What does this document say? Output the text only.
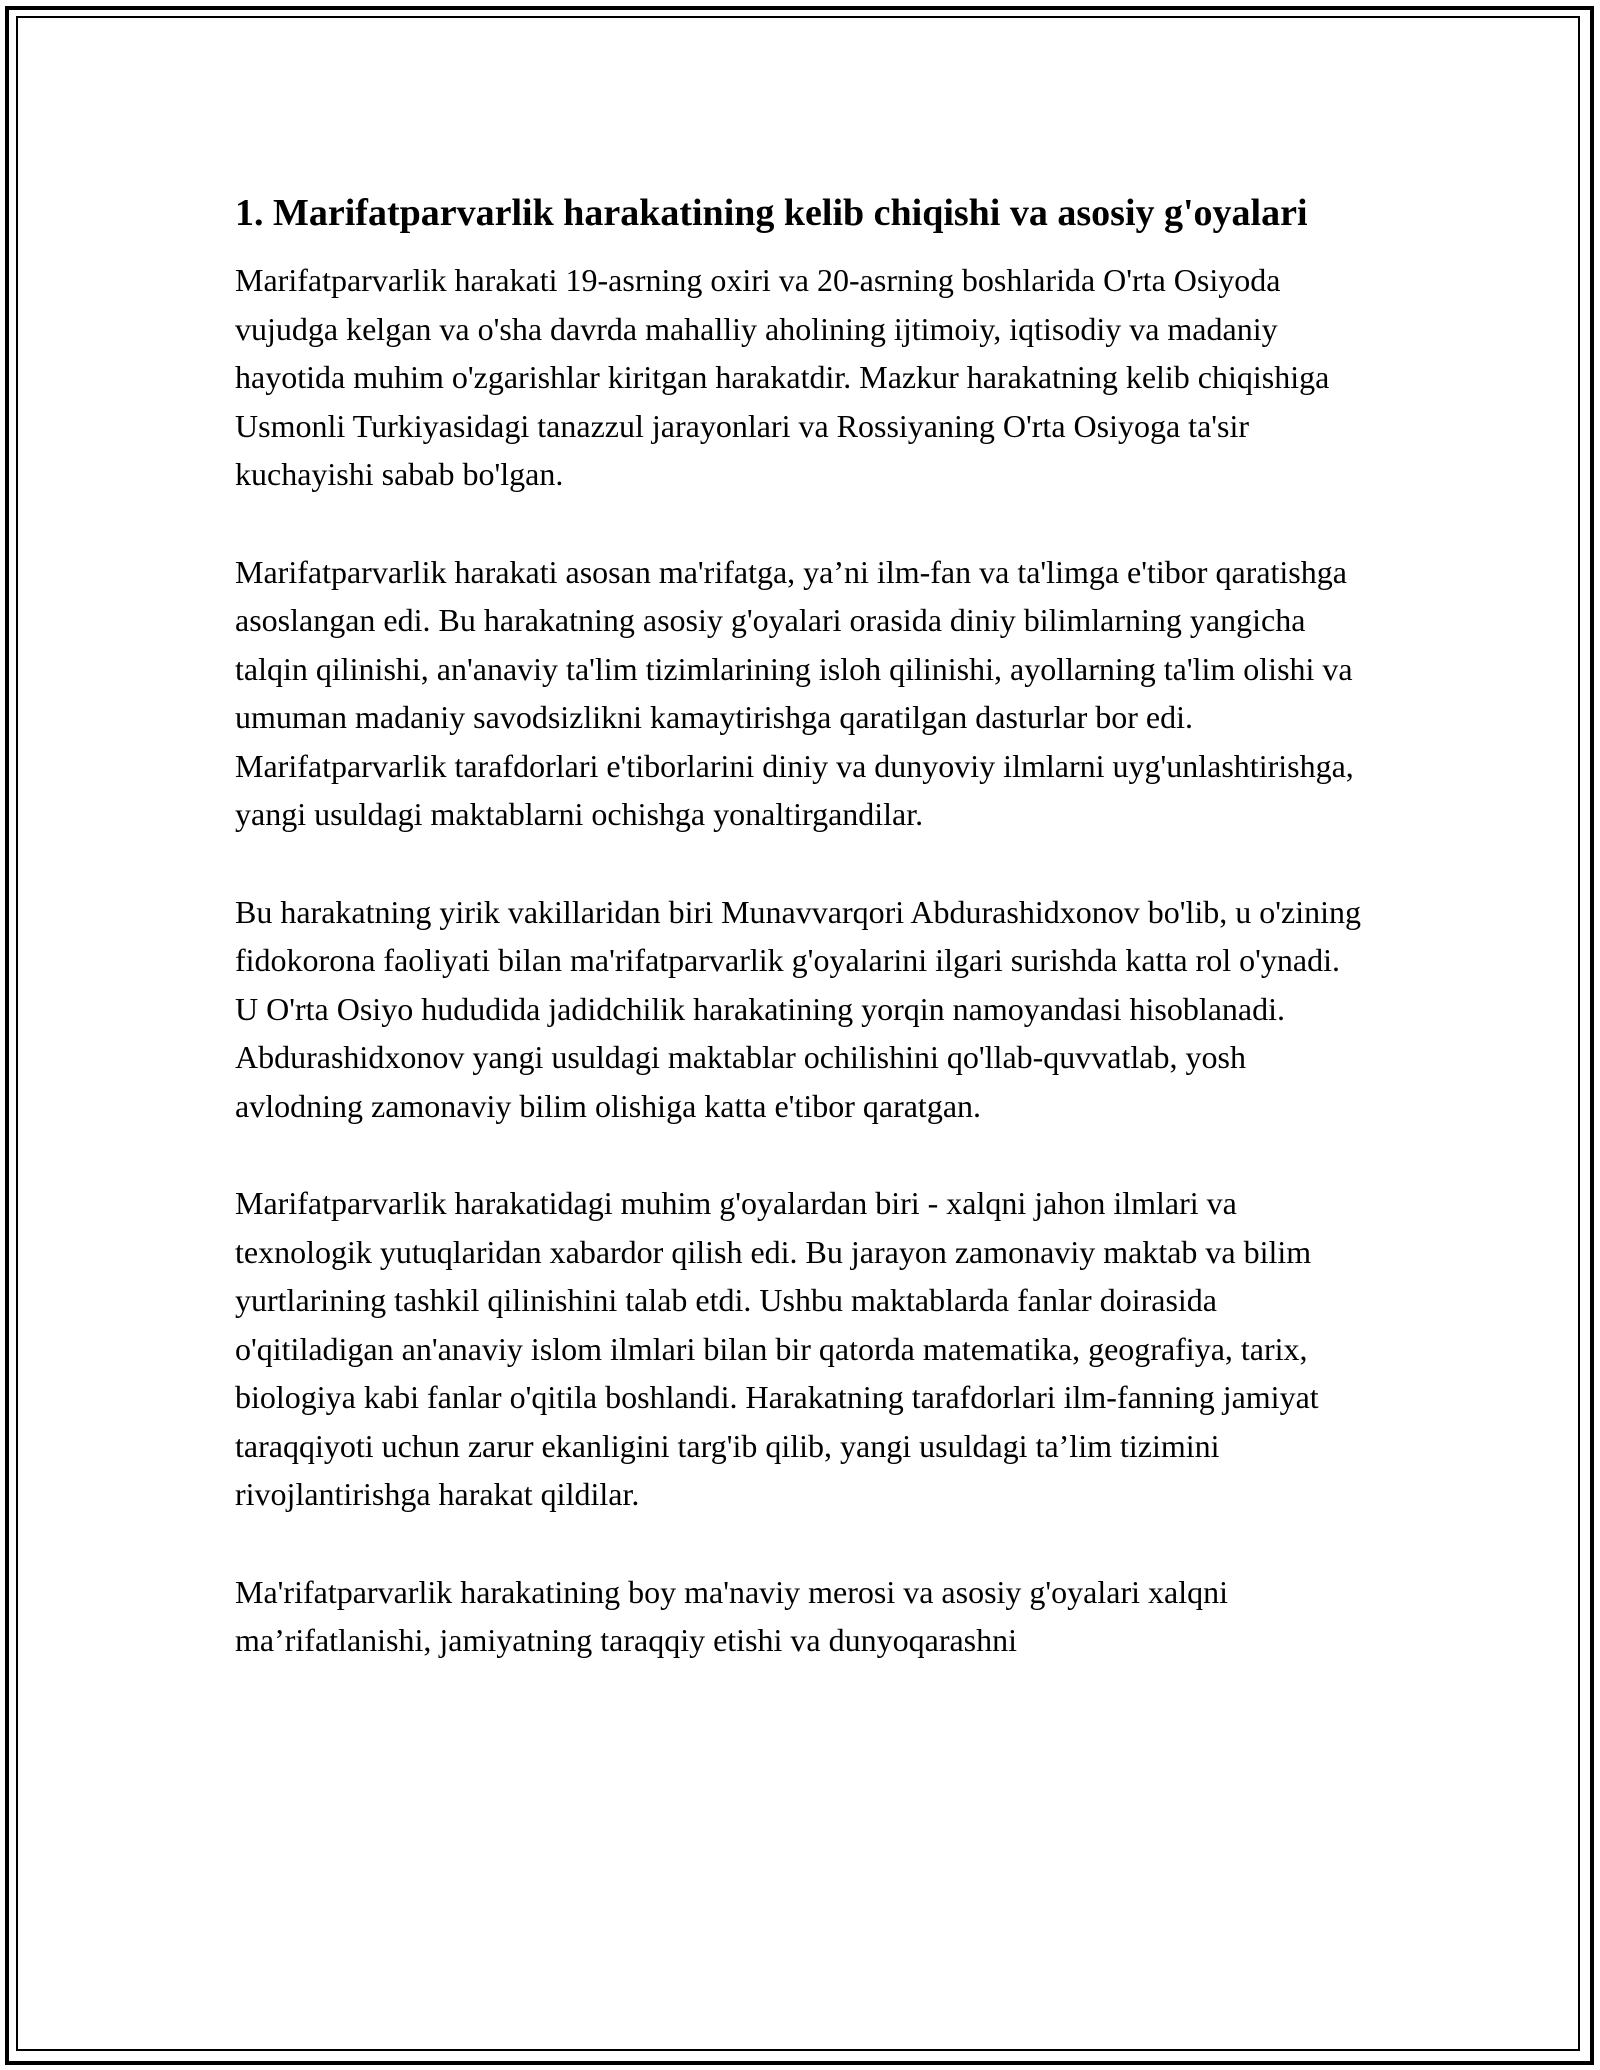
1. Marifatparvarlik harakatining kelib chiqishi va asosiy g'oyalari

Marifatparvarlik harakati 19-asrning oxiri va 20-asrning boshlarida O'rta Osiyoda vujudga kelgan va o'sha davrda mahalliy aholining ijtimoiy, iqtisodiy va madaniy hayotida muhim o'zgarishlar kiritgan harakatdir. Mazkur harakatning kelib chiqishiga Usmonli Turkiyasidagi tanazzul jarayonlari va Rossiyaning O'rta Osiyoga ta'sir kuchayishi sabab bo'lgan.

Marifatparvarlik harakati asosan ma'rifatga, ya’ni ilm-fan va ta'limga e'tibor qaratishga asoslangan edi. Bu harakatning asosiy g'oyalari orasida diniy bilimlarning yangicha talqin qilinishi, an'anaviy ta'lim tizimlarining isloh qilinishi, ayollarning ta'lim olishi va umuman madaniy savodsizlikni kamaytirishga qaratilgan dasturlar bor edi. Marifatparvarlik tarafdorlari e'tiborlarini diniy va dunyoviy ilmlarni uyg'unlashtirishga, yangi usuldagi maktablarni ochishga yonaltirgandilar.

Bu harakatning yirik vakillaridan biri Munavvarqori Abdurashidxonov bo'lib, u o'zining fidokorona faoliyati bilan ma'rifatparvarlik g'oyalarini ilgari surishda katta rol o'ynadi. U O'rta Osiyo hududida jadidchilik harakatining yorqin namoyandasi hisoblanadi. Abdurashidxonov yangi usuldagi maktablar ochilishini qo'llab-quvvatlab, yosh avlodning zamonaviy bilim olishiga katta e'tibor qaratgan.

Marifatparvarlik harakatidagi muhim g'oyalardan biri - xalqni jahon ilmlari va texnologik yutuqlaridan xabardor qilish edi. Bu jarayon zamonaviy maktab va bilim yurtlarining tashkil qilinishini talab etdi. Ushbu maktablarda fanlar doirasida o'qitiladigan an'anaviy islom ilmlari bilan bir qatorda matematika, geografiya, tarix, biologiya kabi fanlar o'qitila boshlandi. Harakatning tarafdorlari ilm-fanning jamiyat taraqqiyoti uchun zarur ekanligini targ'ib qilib, yangi usuldagi ta’lim tizimini rivojlantirishga harakat qildilar.

Ma'rifatparvarlik harakatining boy ma'naviy merosi va asosiy g'oyalari xalqni ma’rifatlanishi, jamiyatning taraqqiy etishi va dunyoqarashni
